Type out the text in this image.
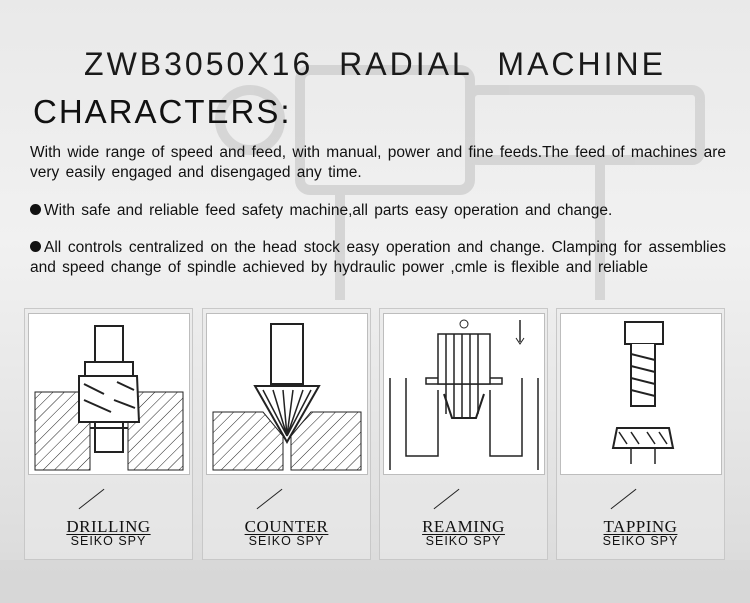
ZWB3050X16 RADIAL MACHINE
CHARACTERS:
With wide range of speed and feed, with manual, power and fine feeds.The feed of machines are very easily engaged and disengaged any time.
With safe and reliable feed safety machine,all parts easy operation and change.
All controls centralized on the head stock easy operation and change. Clamping for assemblies and speed change of spindle achieved by hydraulic power ,cmle is flexible and reliable
DRILLING
SEIKO SPY
COUNTER
SEIKO SPY
REAMING
SEIKO SPY
TAPPING
SEIKO SPY
